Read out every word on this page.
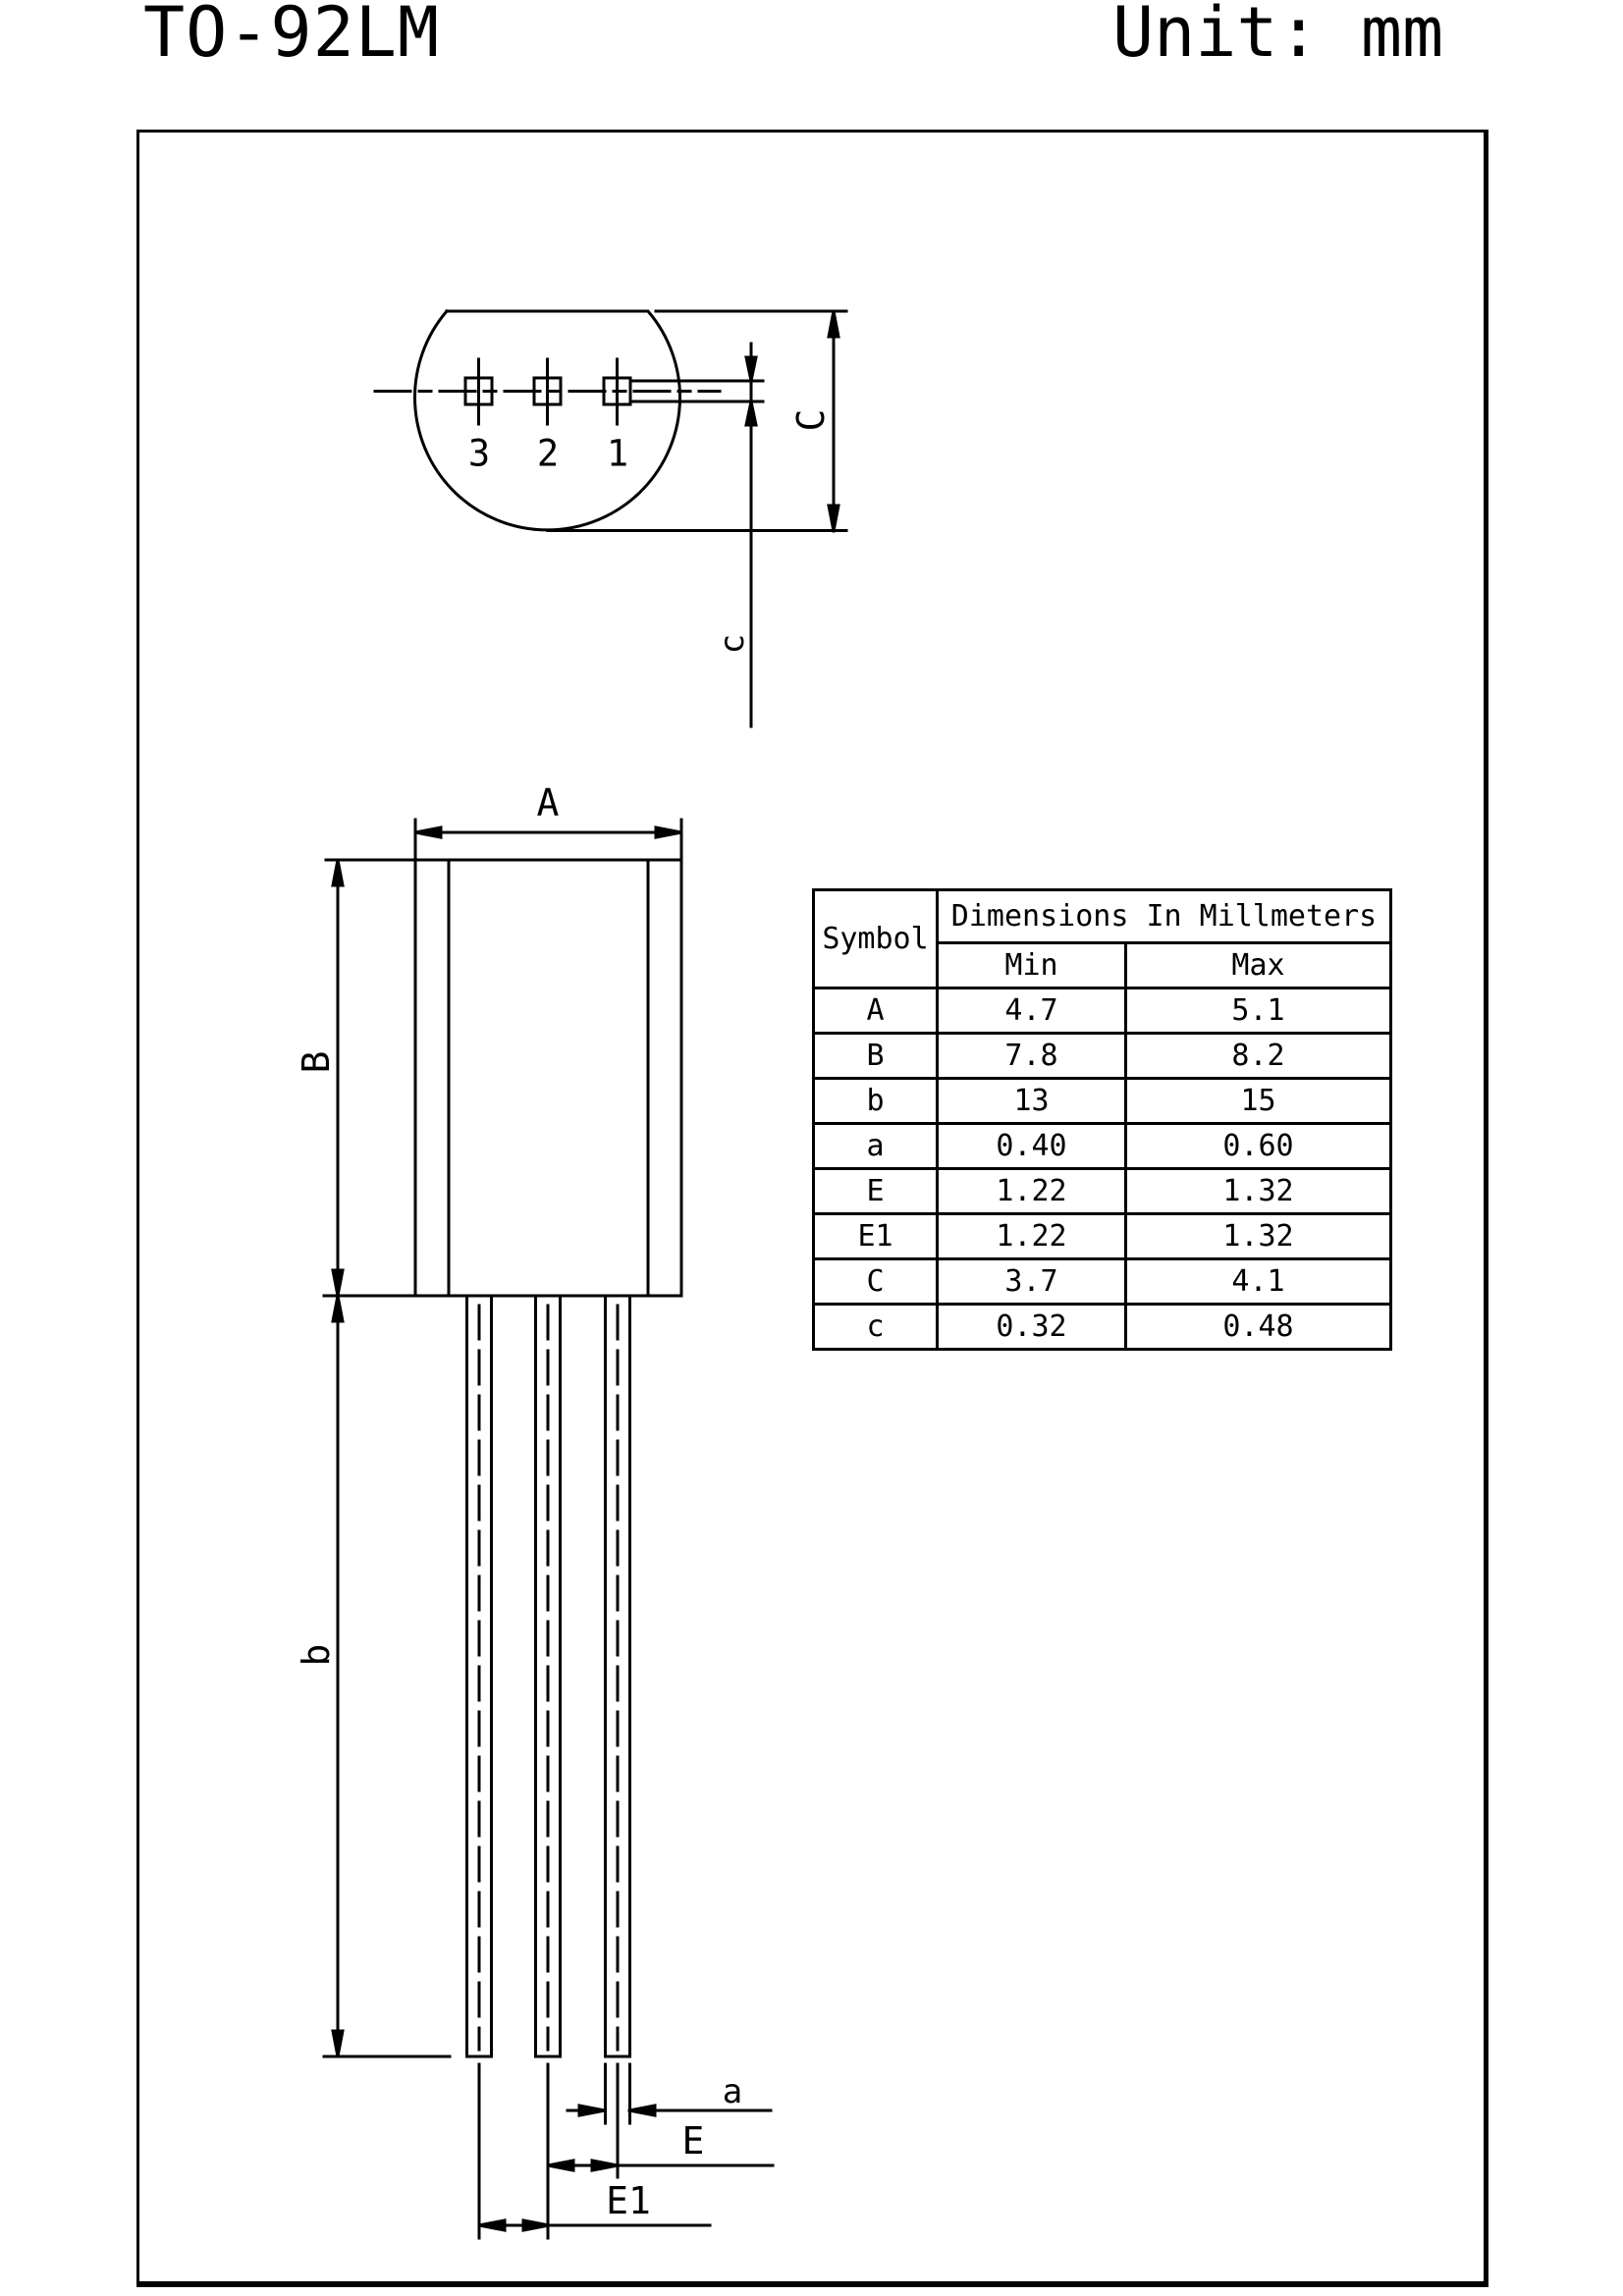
TO-92LM	Unit: mm
3 2 1
C
c
A
B
b
a
E
E1
Symbol	Dimensions In Millmeters	
	Min	Max
A	4.7	5.1
B	7.8	8.2
b	13	15
a	0.40	0.60
E	1.22	1.32
E1	1.22	1.32
C	3.7	4.1
c	0.32	0.48
